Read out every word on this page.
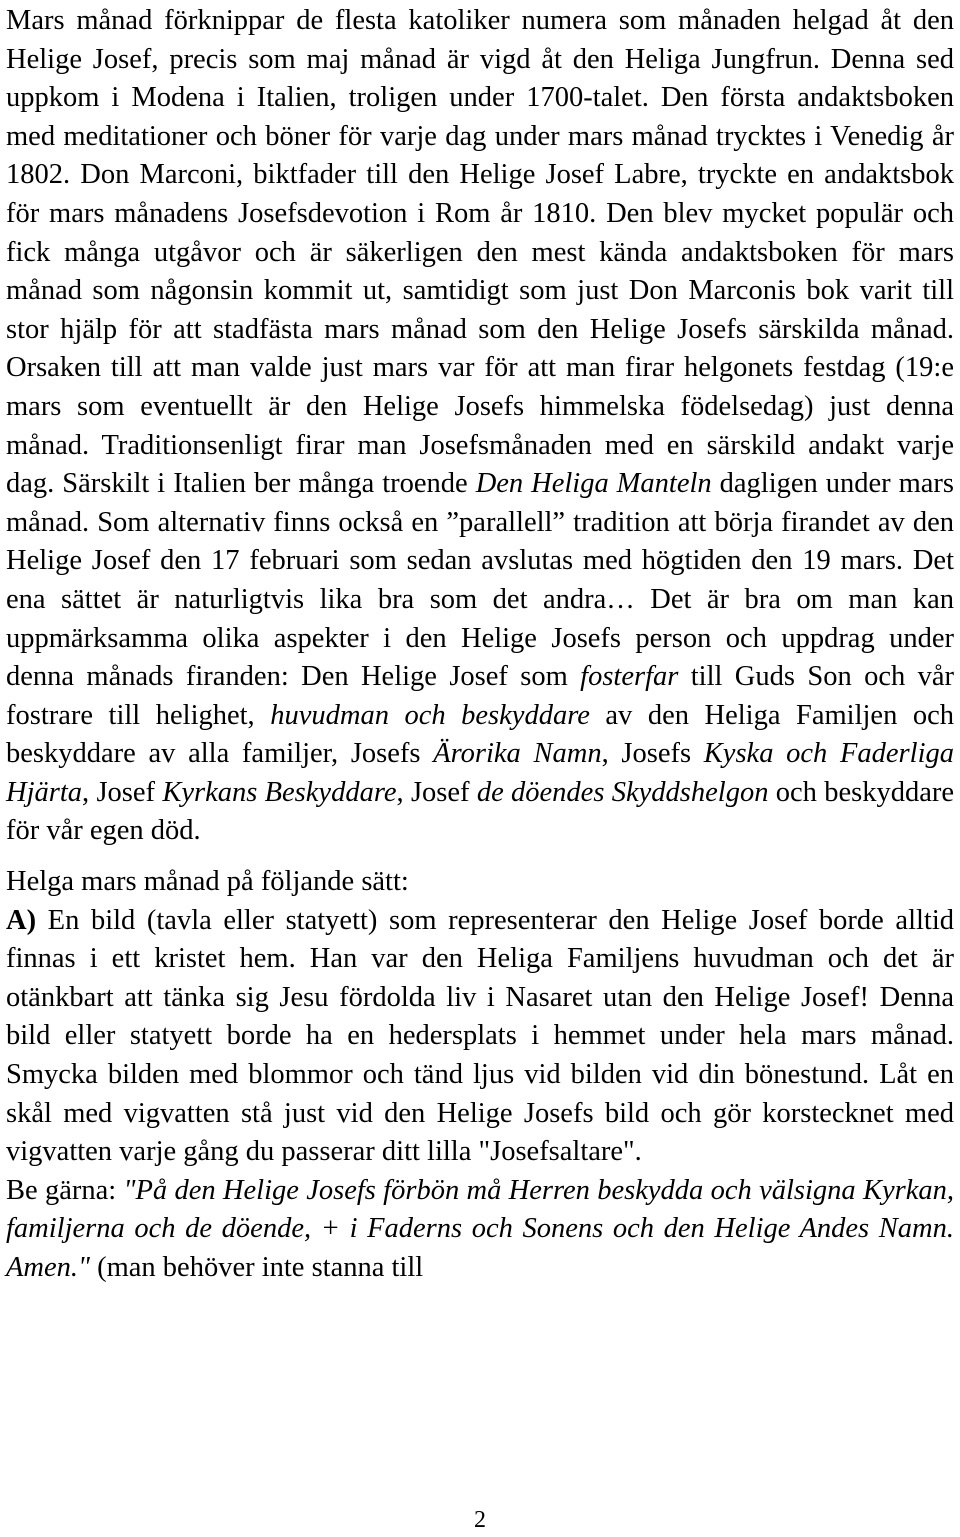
Mars månad förknippar de flesta katoliker numera som månaden helgad åt den Helige Josef, precis som maj månad är vigd åt den Heliga Jungfrun. Denna sed uppkom i Modena i Italien, troligen under 1700-talet. Den första andaktsboken med meditationer och böner för varje dag under mars månad trycktes i Venedig år 1802. Don Marconi, biktfader till den Helige Josef Labre, tryckte en andaktsbok för mars månadens Josefsdevotion i Rom år 1810. Den blev mycket populär och fick många utgåvor och är säkerligen den mest kända andaktsboken för mars månad som någonsin kommit ut, samtidigt som just Don Marconis bok varit till stor hjälp för att stadfästa mars månad som den Helige Josefs särskilda månad. Orsaken till att man valde just mars var för att man firar helgonets festdag (19:e mars som eventuellt är den Helige Josefs himmelska födelsedag) just denna månad. Traditionsenligt firar man Josefsmånaden med en särskild andakt varje dag. Särskilt i Italien ber många troende Den Heliga Manteln dagligen under mars månad. Som alternativ finns också en ”parallell” tradition att börja firandet av den Helige Josef den 17 februari som sedan avslutas med högtiden den 19 mars. Det ena sättet är naturligtvis lika bra som det andra… Det är bra om man kan uppmärksamma olika aspekter i den Helige Josefs person och uppdrag under denna månads firanden: Den Helige Josef som fosterfar till Guds Son och vår fostrare till helighet, huvudman och beskyddare av den Heliga Familjen och beskyddare av alla familjer, Josefs Ärorika Namn, Josefs Kyska och Faderliga Hjärta, Josef Kyrkans Beskyddare, Josef de döendes Skyddshelgon och beskyddare för vår egen död.

Helga mars månad på följande sätt:
A) En bild (tavla eller statyett) som representerar den Helige Josef borde alltid finnas i ett kristet hem. Han var den Heliga Familjens huvudman och det är otänkbart att tänka sig Jesu fördolda liv i Nasaret utan den Helige Josef! Denna bild eller statyett borde ha en hedersplats i hemmet under hela mars månad. Smycka bilden med blommor och tänd ljus vid bilden vid din bönestund. Låt en skål med vigvatten stå just vid den Helige Josefs bild och gör korstecknet med vigvatten varje gång du passerar ditt lilla "Josefsaltare".
Be gärna: "På den Helige Josefs förbön må Herren beskydda och välsigna Kyrkan, familjerna och de döende, + i Faderns och Sonens och den Helige Andes Namn. Amen." (man behöver inte stanna till

2
